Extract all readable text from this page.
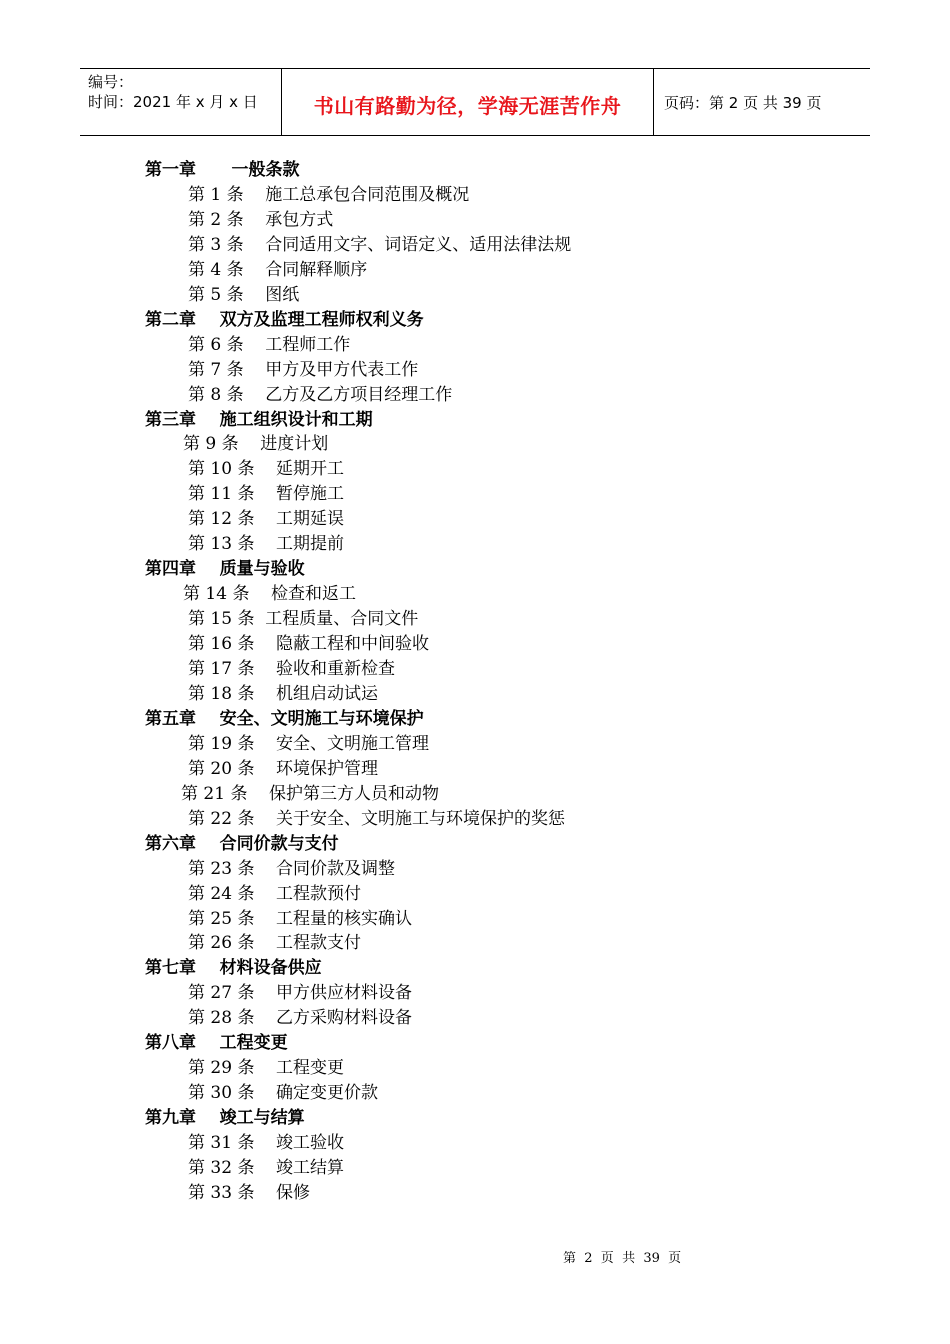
编号：
时间：2021 年 x 月 x 日	书山有路勤为径，学海无涯苦作舟	页码：第 2 页 共 39 页
第一章      一般条款
第 1 条    施工总承包合同范围及概况
第 2 条    承包方式
第 3 条    合同适用文字、词语定义、适用法律法规
第 4 条    合同解释顺序
第 5 条    图纸
第二章    双方及监理工程师权利义务
第 6 条    工程师工作
第 7 条    甲方及甲方代表工作
第 8 条    乙方及乙方项目经理工作
第三章    施工组织设计和工期
第 9 条    进度计划
第 10 条    延期开工
第 11 条    暂停施工
第 12 条    工期延误
第 13 条    工期提前
第四章    质量与验收
第 14 条    检查和返工
第 15 条  工程质量、合同文件
第 16 条    隐蔽工程和中间验收
第 17 条    验收和重新检查
第 18 条    机组启动试运
第五章    安全、文明施工与环境保护
第 19 条    安全、文明施工管理
第 20 条    环境保护管理
第 21 条    保护第三方人员和动物
第 22 条    关于安全、文明施工与环境保护的奖惩
第六章    合同价款与支付
第 23 条    合同价款及调整
第 24 条    工程款预付
第 25 条    工程量的核实确认
第 26 条    工程款支付
第七章    材料设备供应
第 27 条    甲方供应材料设备
第 28 条    乙方采购材料设备
第八章    工程变更
第 29 条    工程变更
第 30 条    确定变更价款
第九章    竣工与结算
第 31 条    竣工验收
第 32 条    竣工结算
第 33 条    保修
第  2  页  共  39  页
